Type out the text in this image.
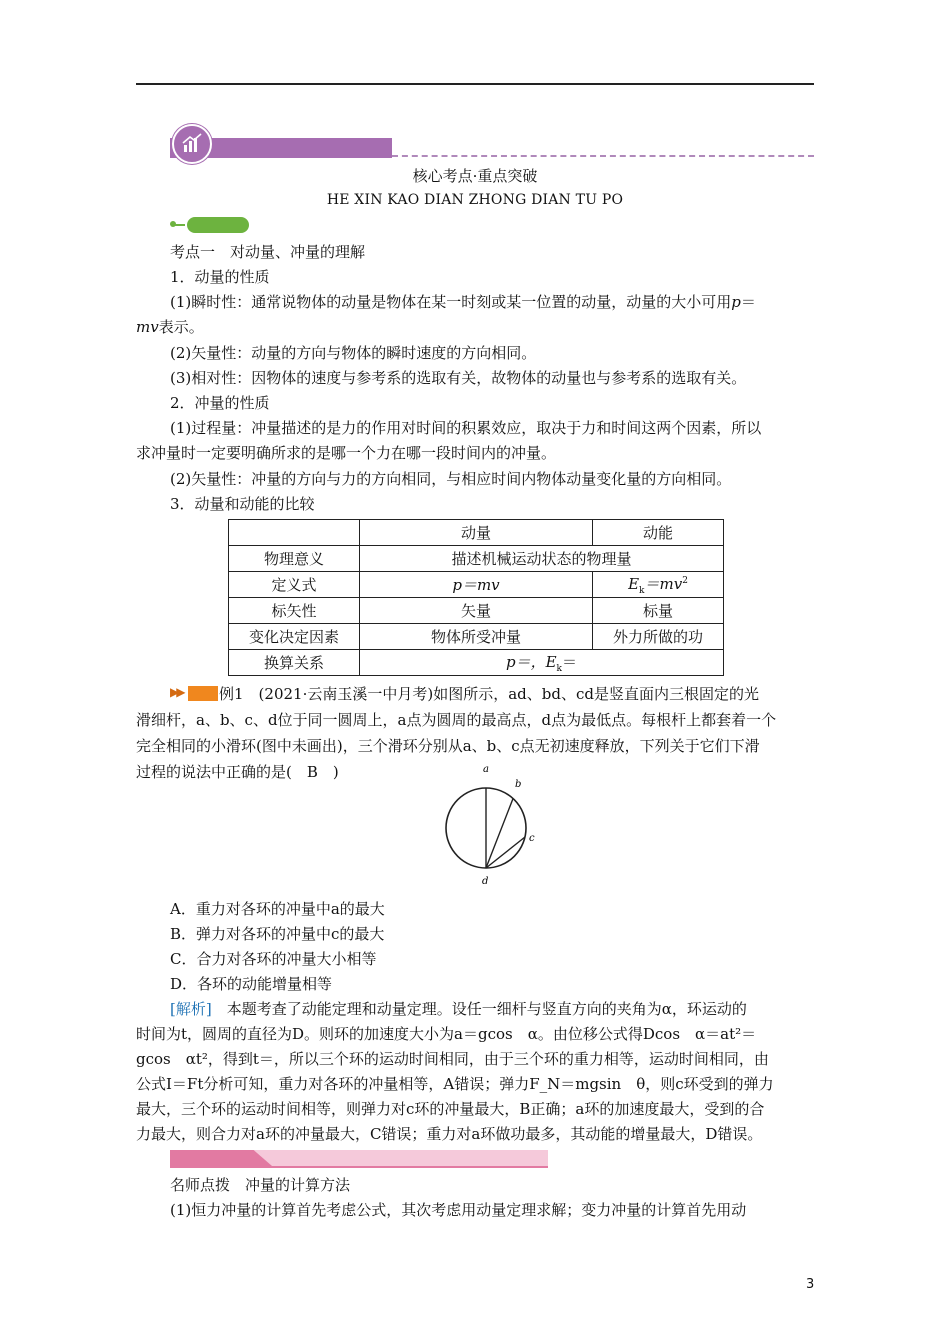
核心考点·重点突破
HE XIN KAO DIAN ZHONG DIAN TU PO
考点一　对动量、冲量的理解
1．动量的性质
(1)瞬时性：通常说物体的动量是物体在某一时刻或某一位置的动量，动量的大小可用p＝
mv表示。
(2)矢量性：动量的方向与物体的瞬时速度的方向相同。
(3)相对性：因物体的速度与参考系的选取有关，故物体的动量也与参考系的选取有关。
2．冲量的性质
(1)过程量：冲量描述的是力的作用对时间的积累效应，取决于力和时间这两个因素，所以
求冲量时一定要明确所求的是哪一个力在哪一段时间内的冲量。
(2)矢量性：冲量的方向与力的方向相同，与相应时间内物体动量变化量的方向相同。
3．动量和动能的比较
	动量	动能
物理意义	描述机械运动状态的物理量	
定义式	p＝mv	$E_k=mv^2$
标矢性	矢量	标量
变化决定因素	物体所受冲量	外力所做的功
换算关系	p＝，$E_k=$	
▶▶ 例1　(2021·云南玉溪一中月考)如图所示，ad、bd、cd是竖直面内三根固定的光
滑细杆，a、b、c、d位于同一圆周上，a点为圆周的最高点，d点为最低点。每根杆上都套着一个
完全相同的小滑环(图中未画出)，三个滑环分别从a、b、c点无初速度释放，下列关于它们下滑
过程的说法中正确的是(　B　)	a
b
c
d
A．重力对各环的冲量中a的最大
B．弹力对各环的冲量中c的最大
C．合力对各环的冲量大小相等
D．各环的动能增量相等
[解析]　本题考查了动能定理和动量定理。设任一细杆与竖直方向的夹角为α，环运动的
时间为t，圆周的直径为D。则环的加速度大小为a＝gcos　α。由位移公式得Dcos　α＝at²＝
gcos　αt²，得到t＝，所以三个环的运动时间相同，由于三个环的重力相等，运动时间相同，由
公式I＝Ft分析可知，重力对各环的冲量相等，A错误；弹力F_N＝mgsin　θ，则c环受到的弹力
最大，三个环的运动时间相等，则弹力对c环的冲量最大，B正确；a环的加速度最大，受到的合
力最大，则合力对a环的冲量最大，C错误；重力对a环做功最多，其动能的增量最大，D错误。
名师点拨　冲量的计算方法
(1)恒力冲量的计算首先考虑公式，其次考虑用动量定理求解；变力冲量的计算首先用动
3
